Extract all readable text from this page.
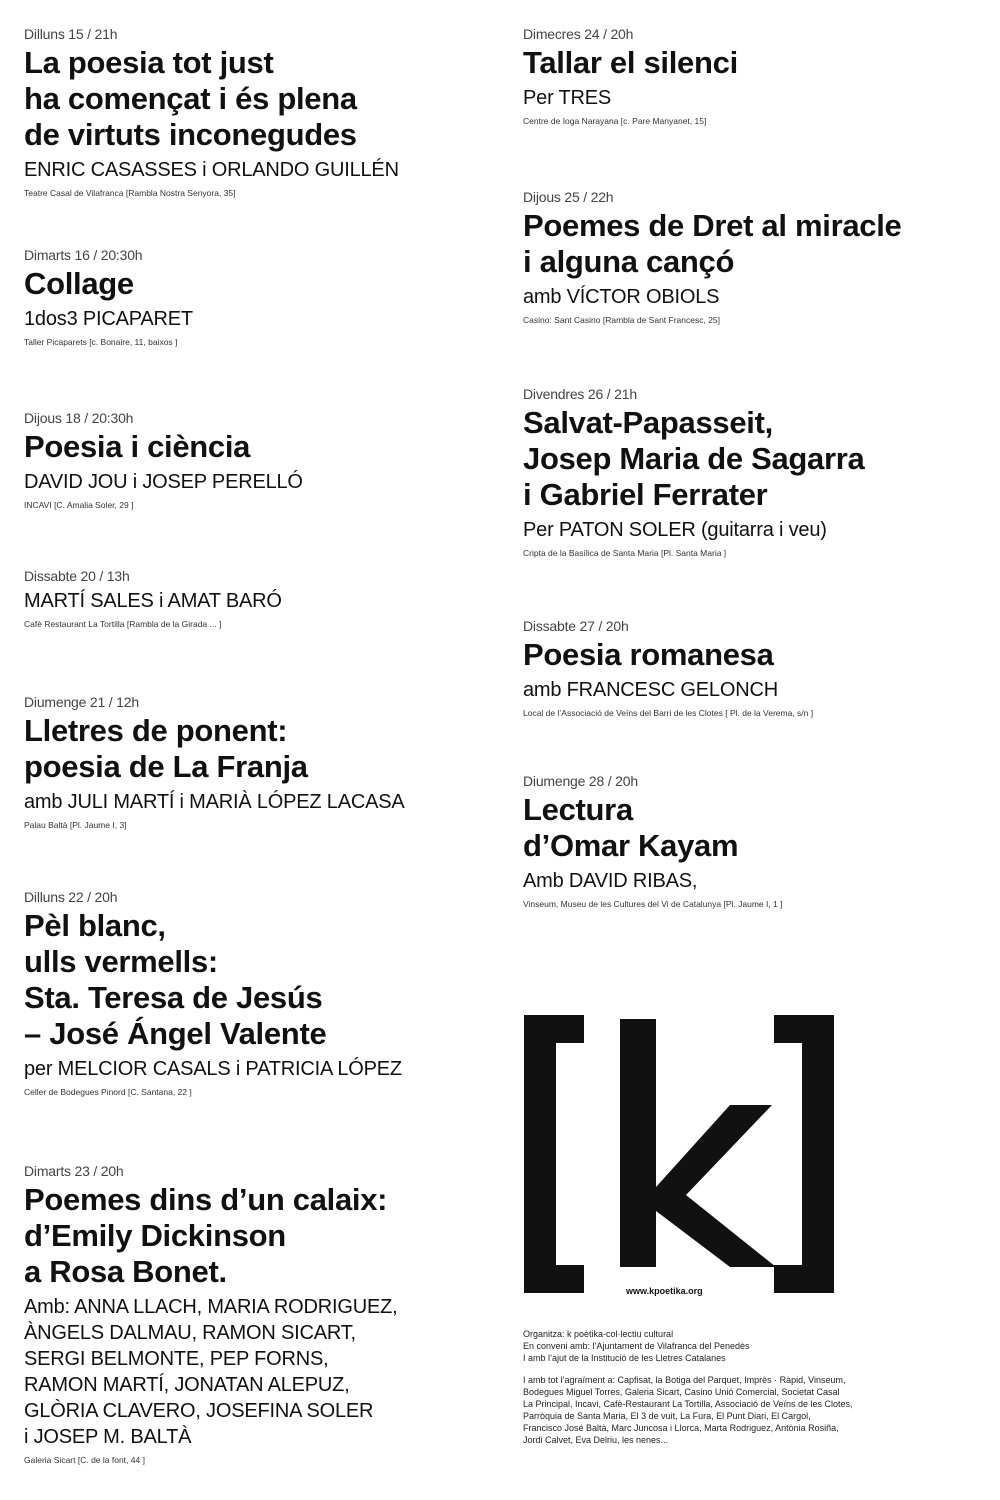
Dilluns 15 / 21h
La poesia tot just
ha començat i és plena
de virtuts inconegudes
ENRIC CASASSES i ORLANDO GUILLÉN
Teatre Casal de Vilafranca [Rambla Nostra Senyora, 35]
Dimarts 16 / 20:30h
Collage
1dos3 PICAPARET
Taller Picaparets [c. Bonaire, 11, baixos ]
Dijous 18 / 20:30h
Poesia i ciència
DAVID JOU i JOSEP PERELLÓ
INCAVI [C. Amalia Soler, 29 ]
Dissabte 20 / 13h
MARTÍ SALES i AMAT BARÓ
Cafè Restaurant La Tortilla [Rambla de la Girada ... ]
Diumenge 21 / 12h
Lletres de ponent:
poesia de La Franja
amb JULI MARTÍ i MARIÀ LÓPEZ LACASA
Palau Baltà [Pl. Jaume I, 3]
Dilluns 22 / 20h
Pèl blanc,
ulls vermells:
Sta. Teresa de Jesús
– José Ángel Valente
per MELCIOR CASALS i PATRICIA LÓPEZ
Celler de Bodegues Pinord [C. Santana, 22 ]
Dimarts 23 / 20h
Poemes dins d’un calaix:
d’Emily Dickinson
a Rosa Bonet.
Amb: ANNA LLACH, MARIA RODRIGUEZ,
ÀNGELS DALMAU, RAMON SICART,
SERGI BELMONTE, PEP FORNS,
RAMON MARTÍ, JONATAN ALEPUZ,
GLÒRIA CLAVERO, JOSEFINA SOLER
i JOSEP M. BALTÀ
Galeria Sicart [C. de la font, 44 ]
Dimecres 24 / 20h
Tallar el silenci
Per TRES
Centre de Ioga Narayana [c. Pare Manyanet, 15]
Dijous 25 / 22h
Poemes de Dret al miracle
i alguna cançó
amb VÍCTOR OBIOLS
Casino: Sant Casino [Rambla de Sant Francesc, 25]
Divendres 26 / 21h
Salvat-Papasseit,
Josep Maria de Sagarra
i Gabriel Ferrater
Per PATON SOLER (guitarra i veu)
Cripta de la Basílica de Santa Maria [Pl. Santa Maria ]
Dissabte 27 / 20h
Poesia romanesa
amb FRANCESC GELONCH
Local de l’Associació de Veïns del Barri de les Clotes [ Pl. de la Verema, s/n ]
Diumenge 28 / 20h
Lectura
d’Omar Kayam
Amb DAVID RIBAS,
Vinseum, Museu de les Cultures del Vi de Catalunya [Pl. Jaume I, 1 ]
www.kpoetika.org

Organitza: k poètika-col·lectiu cultural

En conveni amb: l’Ajuntament de Vilafranca del Penedès

I amb l’ajut de la Institució de les Lletres Catalanes

I amb tot l’agraïment a: Capfisat, la Botiga del Parquet, Imprès · Ràpid, Vinseum,

Bodegues Miguel Torres, Galeria Sicart, Casino Unió Comercial, Societat Casal

La Principal, Incavi, Cafè-Restaurant La Tortilla, Associació de Veïns de les Clotes,

Parròquia de Santa Maria, El 3 de vuit, La Fura, El Punt Diari, El Cargol,

Francisco José Baltà, Marc Juncosa i Llorca, Marta Rodriguez, Antònia Rosiña,

Jordi Calvet, Eva Delriu, les nenes...
